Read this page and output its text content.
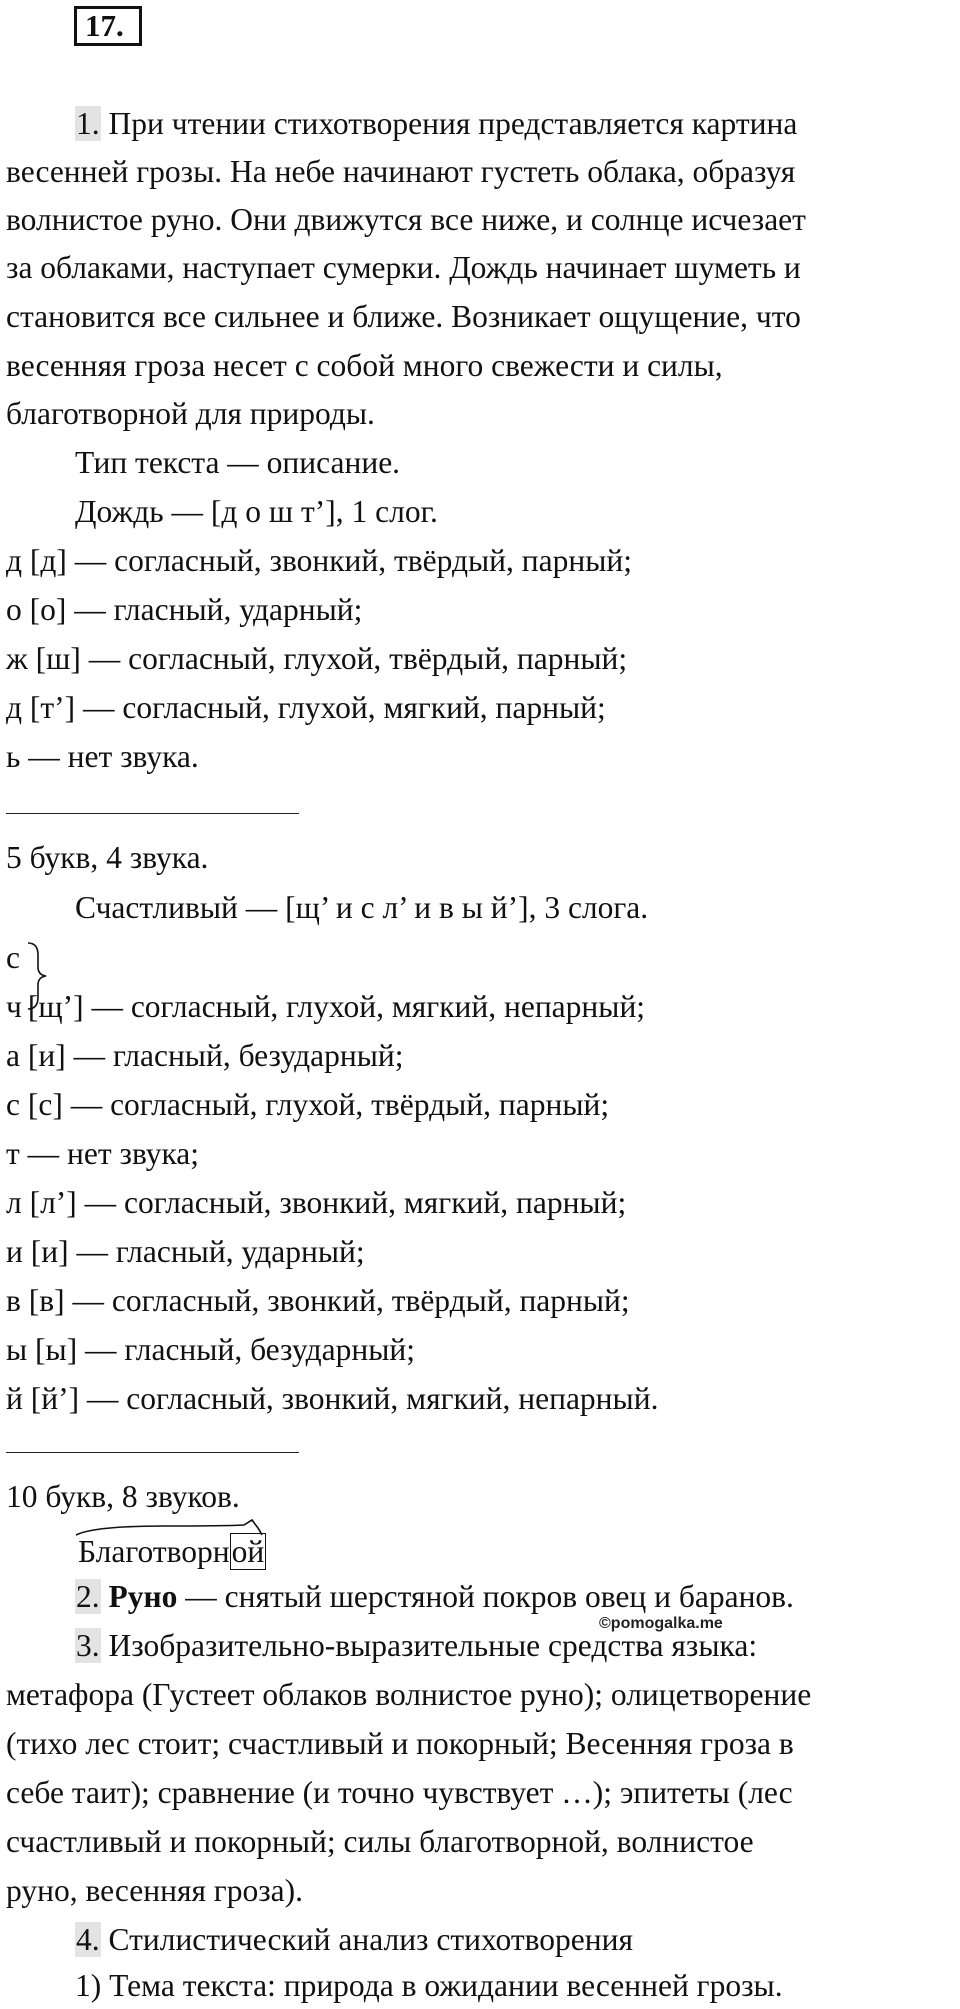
17.
1. При чтении стихотворения представляется картина
весенней грозы. На небе начинают густеть облака, образуя
волнистое руно. Они движутся все ниже, и солнце исчезает
за облаками, наступает сумерки. Дождь начинает шуметь и
становится все сильнее и ближе. Возникает ощущение, что
весенняя гроза несет с собой много свежести и силы,
благотворной для природы.
Тип текста — описание.
Дождь — [д о ш т’], 1 слог.
д [д] — согласный, звонкий, твёрдый, парный;
о [о] — гласный, ударный;
ж [ш] — согласный, глухой, твёрдый, парный;
д [т’] — согласный, глухой, мягкий, парный;
ь — нет звука.
5 букв, 4 звука.
Счастливый — [щ’ и с л’ и в ы й’], 3 слога.
с
ч [щ’] — согласный, глухой, мягкий, непарный;
а [и] — гласный, безударный;
с [с] — согласный, глухой, твёрдый, парный;
т — нет звука;
л [л’] — согласный, звонкий, мягкий, парный;
и [и] — гласный, ударный;
в [в] — согласный, звонкий, твёрдый, парный;
ы [ы] — гласный, безударный;
й [й’] — согласный, звонкий, мягкий, непарный.
10 букв, 8 звуков.
Благотворной
©pomogalka.me
2. Руно — снятый шерстяной покров овец и баранов.
3. Изобразительно-выразительные средства языка:
метафора (Густеет облаков волнистое руно); олицетворение
(тихо лес стоит; счастливый и покорный; Весенняя гроза в
себе таит); сравнение (и точно чувствует …); эпитеты (лес
счастливый и покорный; силы благотворной, волнистое
руно, весенняя гроза).
4. Стилистический анализ стихотворения
1) Тема текста: природа в ожидании весенней грозы.
